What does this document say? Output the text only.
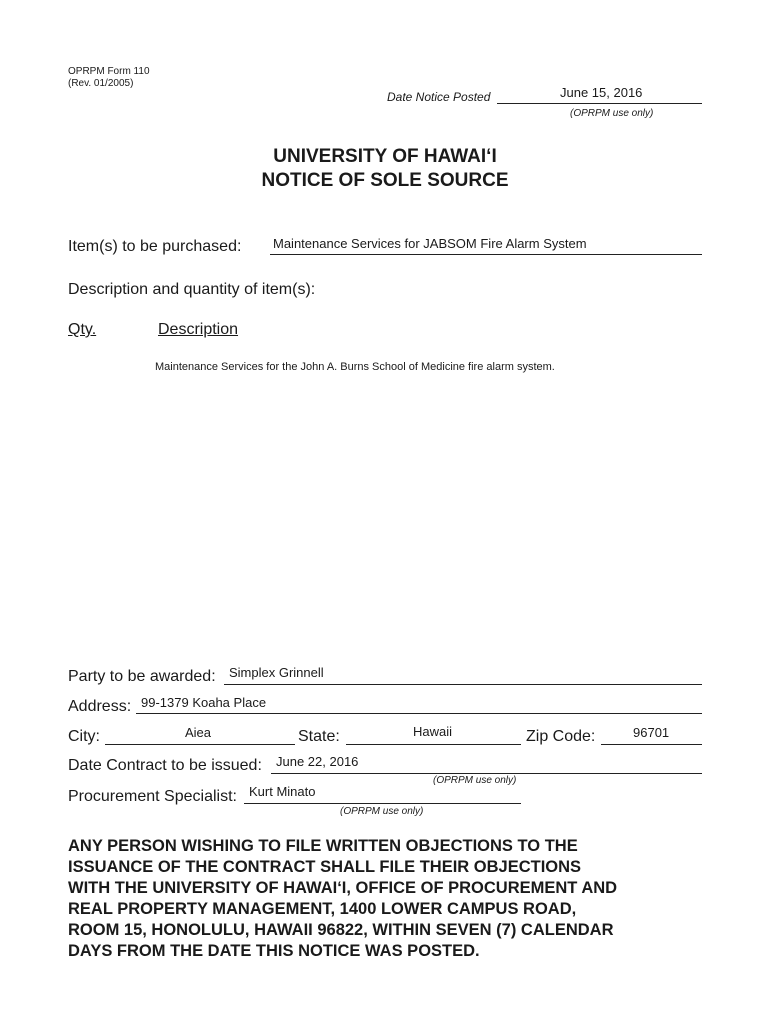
OPRPM Form 110
(Rev. 01/2005)
Date Notice Posted	June 15, 2016
(OPRPM use only)
UNIVERSITY OF HAWAI‘I
NOTICE OF SOLE SOURCE
Item(s) to be purchased: Maintenance Services for JABSOM Fire Alarm System
Description and quantity of item(s):
Qty.	Description
Maintenance Services for the John A. Burns School of Medicine fire alarm system.
Party to be awarded: Simplex Grinnell
Address: 99-1379 Koaha Place
City:	Aiea	State:	Hawaii	Zip Code:	96701
Date Contract to be issued: June 22, 2016
(OPRPM use only)
Procurement Specialist: Kurt Minato
(OPRPM use only)
ANY PERSON WISHING TO FILE WRITTEN OBJECTIONS TO THE
ISSUANCE OF THE CONTRACT SHALL FILE THEIR OBJECTIONS
WITH THE UNIVERSITY OF HAWAI‘I, OFFICE OF PROCUREMENT AND
REAL PROPERTY MANAGEMENT, 1400 LOWER CAMPUS ROAD,
ROOM 15, HONOLULU, HAWAII 96822, WITHIN SEVEN (7) CALENDAR
DAYS FROM THE DATE THIS NOTICE WAS POSTED.
